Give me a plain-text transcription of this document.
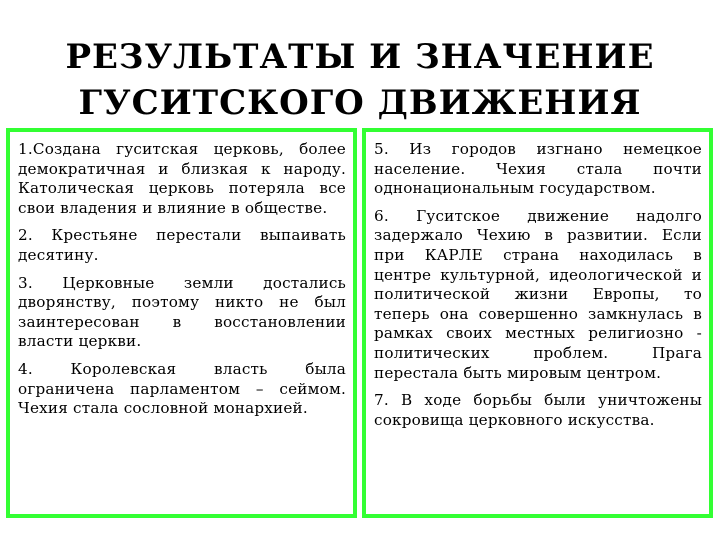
РЕЗУЛЬТАТЫ И ЗНАЧЕНИЕ
ГУСИТСКОГО ДВИЖЕНИЯ

1.Создана гуситская церковь, более демократичная и близкая к народу. Католическая церковь потеряла все свои владения и влияние в обществе.

2. Крестьяне перестали выпаивать десятину.

3. Церковные земли достались дворянству, поэтому никто не был заинтересован в восстановлении власти церкви.

4. Королевская власть была ограничена парламентом – сеймом. Чехия стала сословной монархией.

5. Из городов изгнано немецкое население. Чехия стала почти однонациональным государством.

6. Гуситское движение надолго задержало Чехию в развитии. Если при КАРЛЕ страна находилась в центре культурной, идеологической и политической жизни Европы, то теперь она совершенно замкнулась в рамках своих местных религиозно - политических проблем. Прага перестала быть мировым центром.

7. В ходе борьбы были уничтожены сокровища церковного искусства.
